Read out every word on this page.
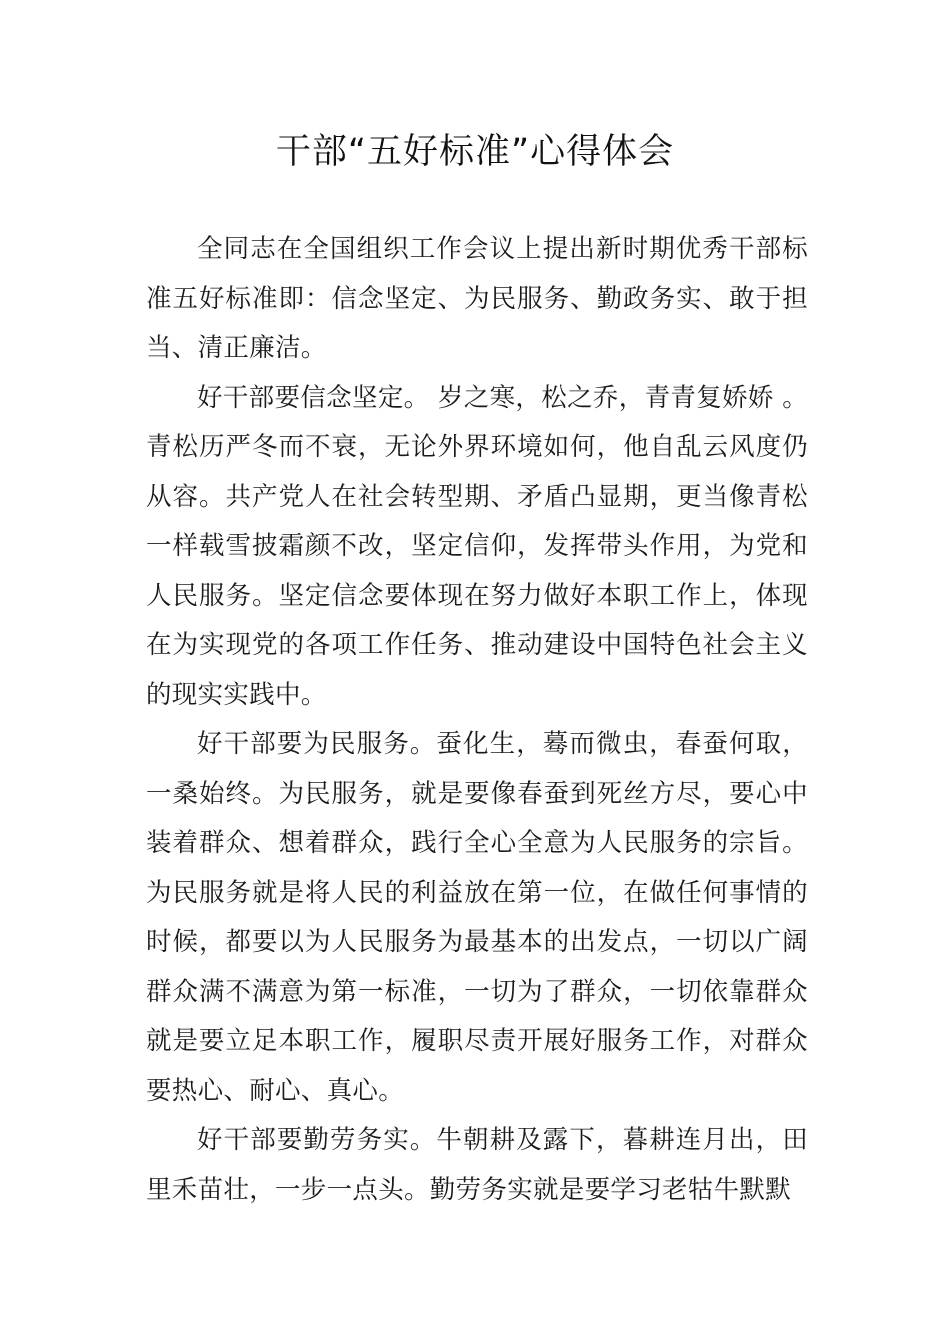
干部“五好标准”心得体会

全同志在全国组织工作会议上提出新时期优秀干部标准五好标准即：信念坚定、为民服务、勤政务实、敢于担当、清正廉洁。

好干部要信念坚定。 岁之寒，松之乔，青青复娇娇 。青松历严冬而不衰，无论外界环境如何，他自乱云风度仍从容。共产党人在社会转型期、矛盾凸显期，更当像青松一样载雪披霜颜不改，坚定信仰，发挥带头作用，为党和人民服务。坚定信念要体现在努力做好本职工作上，体现在为实现党的各项工作任务、推动建设中国特色社会主义的现实实践中。

好干部要为民服务。蚕化生，蓦而微虫，春蚕何取，一桑始终。为民服务，就是要像春蚕到死丝方尽，要心中装着群众、想着群众，践行全心全意为人民服务的宗旨。为民服务就是将人民的利益放在第一位，在做任何事情的时候，都要以为人民服务为最基本的出发点，一切以广阔群众满不满意为第一标准，一切为了群众，一切依靠群众就是要立足本职工作，履职尽责开展好服务工作，对群众要热心、耐心、真心。

好干部要勤劳务实。牛朝耕及露下，暮耕连月出，田里禾苗壮，一步一点头。勤劳务实就是要学习老牯牛默默
